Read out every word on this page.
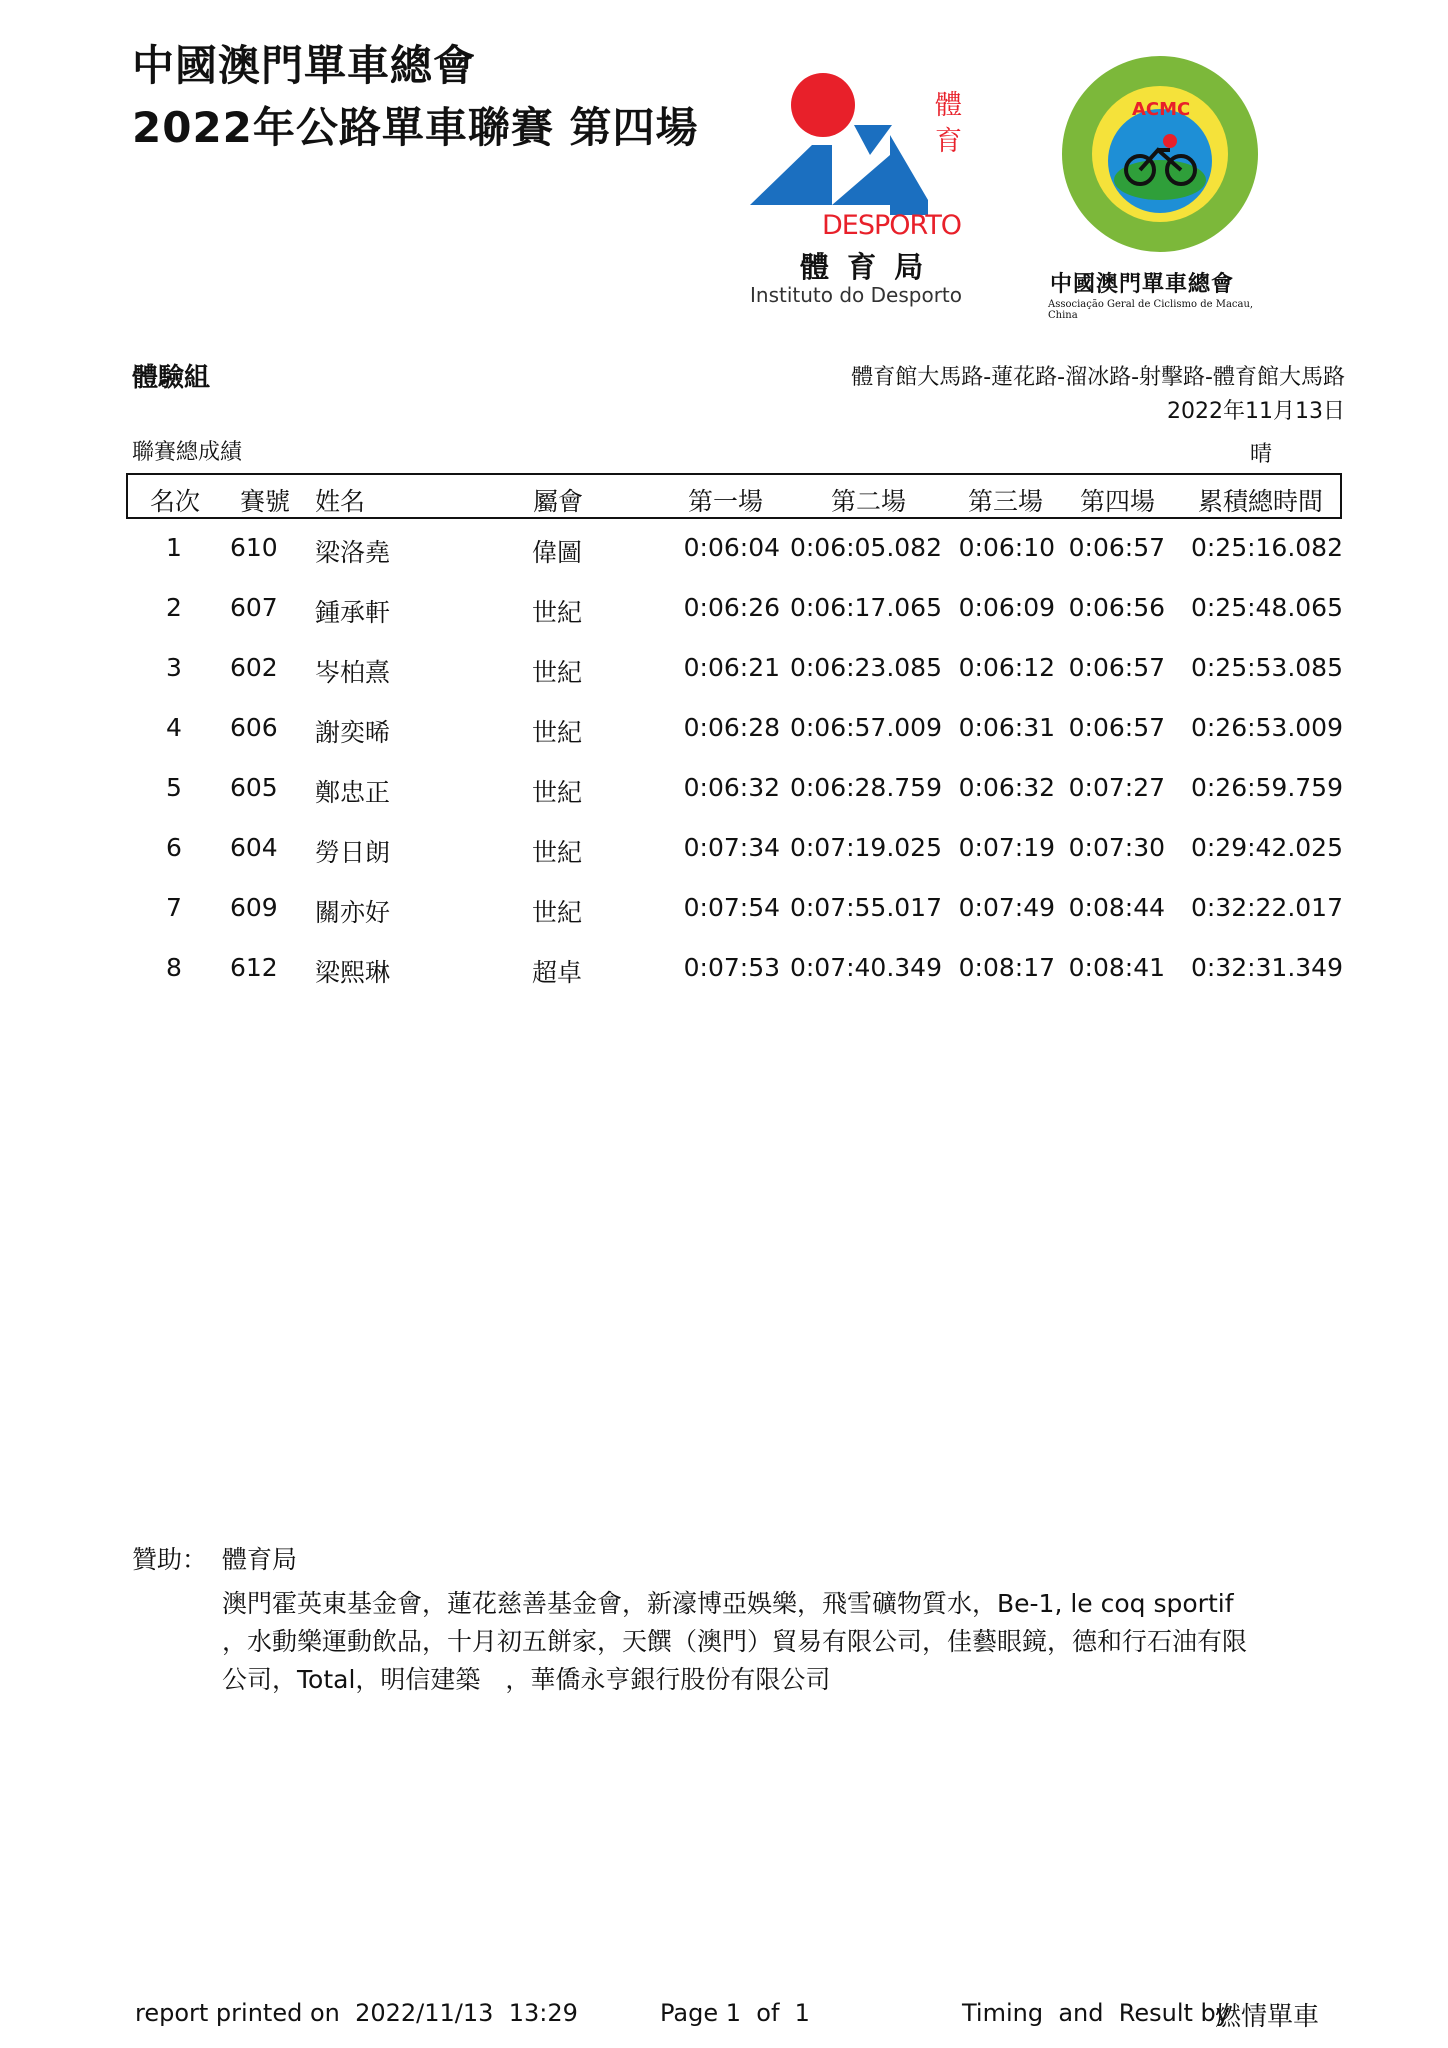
中國澳門單車總會
2022年公路單車聯賽 第四場	體
育
DESPORTO
體 育 局
Instituto do Desporto
ACMC
中國澳門單車總會
Associação Geral de Ciclismo de Macau, China
體驗組	體育館大馬路-蓮花路-溜冰路-射擊路-體育館大馬路
2022年11月13日
聯賽總成績	晴
名次 賽號 姓名	屬會	第一場	第二場 第三場 第四場 累積總時間
1 610 梁洛堯	偉圖	0:06:04 0:06:05.082 0:06:10 0:06:57 0:25:16.082
2 607 鍾承軒	世紀	0:06:26 0:06:17.065 0:06:09 0:06:56 0:25:48.065
3 602 岑柏熹	世紀	0:06:21 0:06:23.085 0:06:12 0:06:57 0:25:53.085
4 606 謝奕晞	世紀	0:06:28 0:06:57.009 0:06:31 0:06:57 0:26:53.009
5 605 鄭忠正	世紀	0:06:32 0:06:28.759 0:06:32 0:07:27 0:26:59.759
6 604 勞日朗	世紀	0:07:34 0:07:19.025 0:07:19 0:07:30 0:29:42.025
7 609 關亦好	世紀	0:07:54 0:07:55.017 0:07:49 0:08:44 0:32:22.017
8 612 梁熙琳	超卓	0:07:53 0:07:40.349 0:08:17 0:08:41 0:32:31.349
贊助： 體育局
澳門霍英東基金會，蓮花慈善基金會，新濠博亞娛樂，飛雪礦物質水，Be-1, le coq sportif
，水動樂運動飲品，十月初五餅家，天饌（澳門）貿易有限公司，佳藝眼鏡，德和行石油有限
公司，Total，明信建築　，華僑永亨銀行股份有限公司
report printed on  2022/11/13  13:29	Page 1  of  1	Timing  and  Result by
燃情單車
